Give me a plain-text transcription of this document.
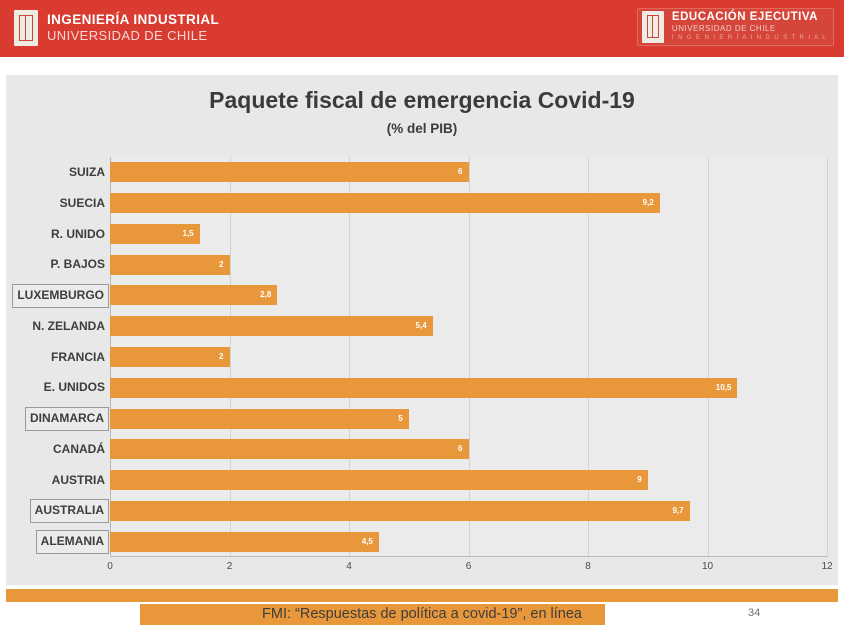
INGENIERÍA INDUSTRIAL
UNIVERSIDAD DE CHILE
EDUCACIÓN EJECUTIVA
UNIVERSIDAD DE CHILE
I N G E N I E R Í A I N D U S T R I A L
Paquete fiscal de emergencia Covid-19
(% del PIB)
SUIZA	6
SUECIA	9,2
R. UNIDO	1,5
P. BAJOS	2
LUXEMBURGO	2,8
N. ZELANDA	5,4
FRANCIA	2
E. UNIDOS	10,5
DINAMARCA	5
CANADÁ	6
AUSTRIA	9
AUSTRALIA	9,7
ALEMANIA	4,5
0	2	4	6	8	10	12
FMI: “Respuestas de política a covid-19”, en línea	34
